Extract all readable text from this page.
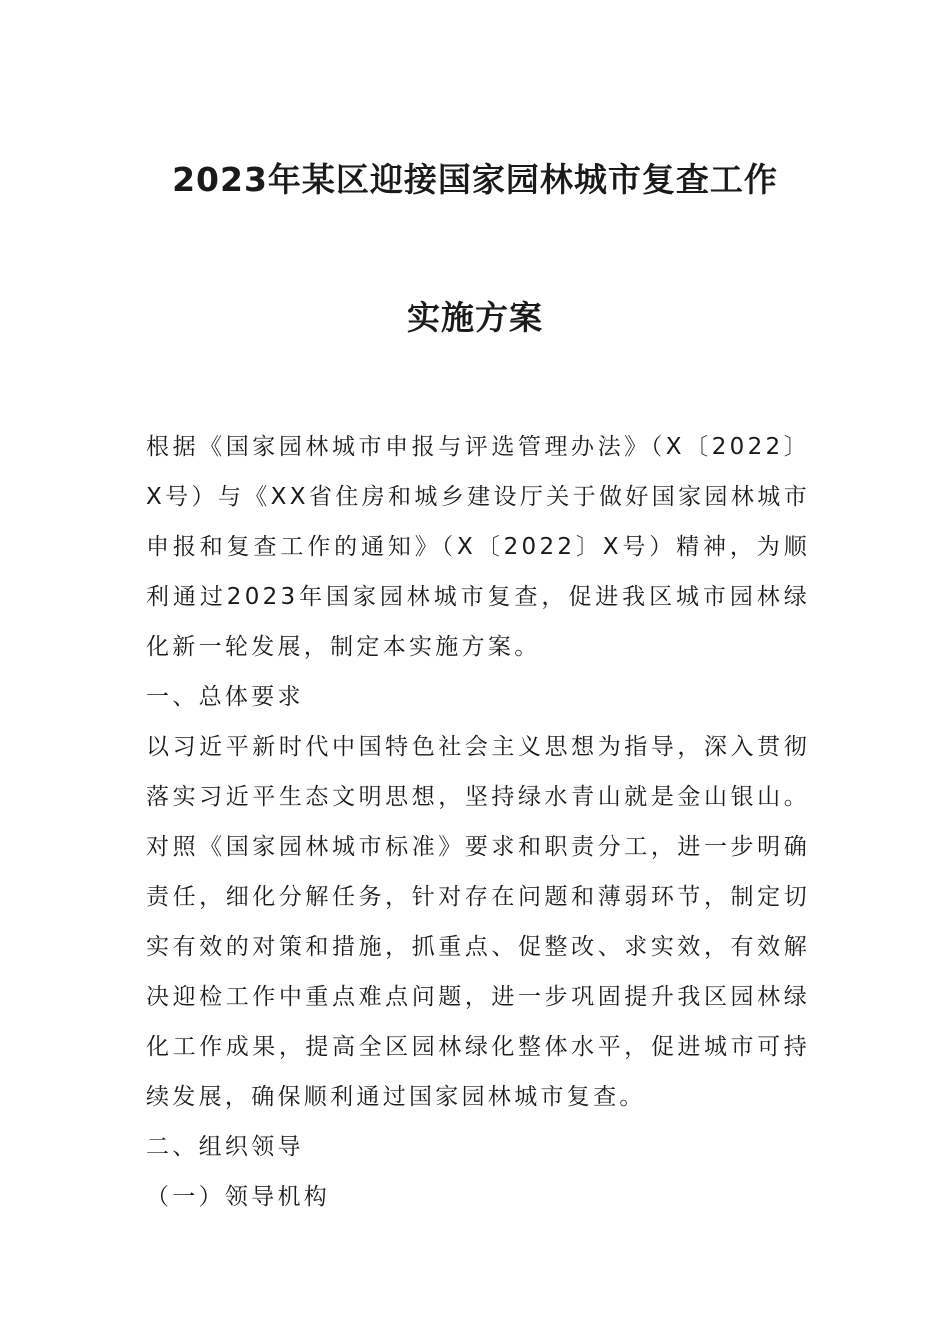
2023年某区迎接国家园林城市复查工作
实施方案

根据《国家园林城市申报与评选管理办法》（X〔2022〕X号）与《XX省住房和城乡建设厅关于做好国家园林城市申报和复查工作的通知》（X〔2022〕X号）精神，为顺利通过2023年国家园林城市复查，促进我区城市园林绿化新一轮发展，制定本实施方案。

一、总体要求

以习近平新时代中国特色社会主义思想为指导，深入贯彻落实习近平生态文明思想，坚持绿水青山就是金山银山。对照《国家园林城市标准》要求和职责分工，进一步明确责任，细化分解任务，针对存在问题和薄弱环节，制定切实有效的对策和措施，抓重点、促整改、求实效，有效解决迎检工作中重点难点问题，进一步巩固提升我区园林绿化工作成果，提高全区园林绿化整体水平，促进城市可持续发展，确保顺利通过国家园林城市复查。

二、组织领导

（一）领导机构
